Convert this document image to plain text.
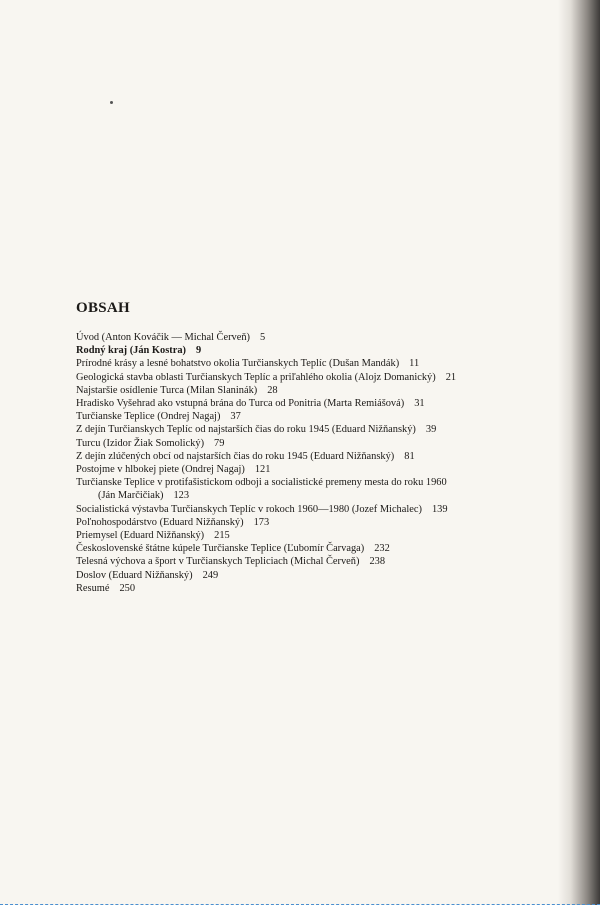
OBSAH
Úvod (Anton Kováčik — Michal Červeň) 5
Rodný kraj (Ján Kostra) 9
Prírodné krásy a lesné bohatstvo okolia Turčianskych Teplíc (Dušan Mandák) 11
Geologická stavba oblasti Turčianskych Teplíc a priľahlého okolia (Alojz Domanický) 21
Najstaršie osídlenie Turca (Milan Slaninák) 28
Hradisko Vyšehrad ako vstupná brána do Turca od Ponitria (Marta Remiášová) 31
Turčianske Teplice (Ondrej Nagaj) 37
Z dejín Turčianskych Teplíc od najstarších čias do roku 1945 (Eduard Nižňanský) 39
Turcu (Izidor Žiak Somolický) 79
Z dejín zlúčených obcí od najstarších čias do roku 1945 (Eduard Nižňanský) 81
Postojme v hlbokej piete (Ondrej Nagaj) 121
Turčianske Teplice v protifašistickom odboji a socialistické premeny mesta do roku 1960
(Ján Marčičiak) 123
Socialistická výstavba Turčianskych Teplíc v rokoch 1960—1980 (Jozef Michalec) 139
Poľnohospodárstvo (Eduard Nižňanský) 173
Priemysel (Eduard Nižňanský) 215
Československé štátne kúpele Turčianske Teplice (Ľubomír Čarvaga) 232
Telesná výchova a šport v Turčianskych Tepliciach (Michal Červeň) 238
Doslov (Eduard Nižňanský) 249
Resumé 250
